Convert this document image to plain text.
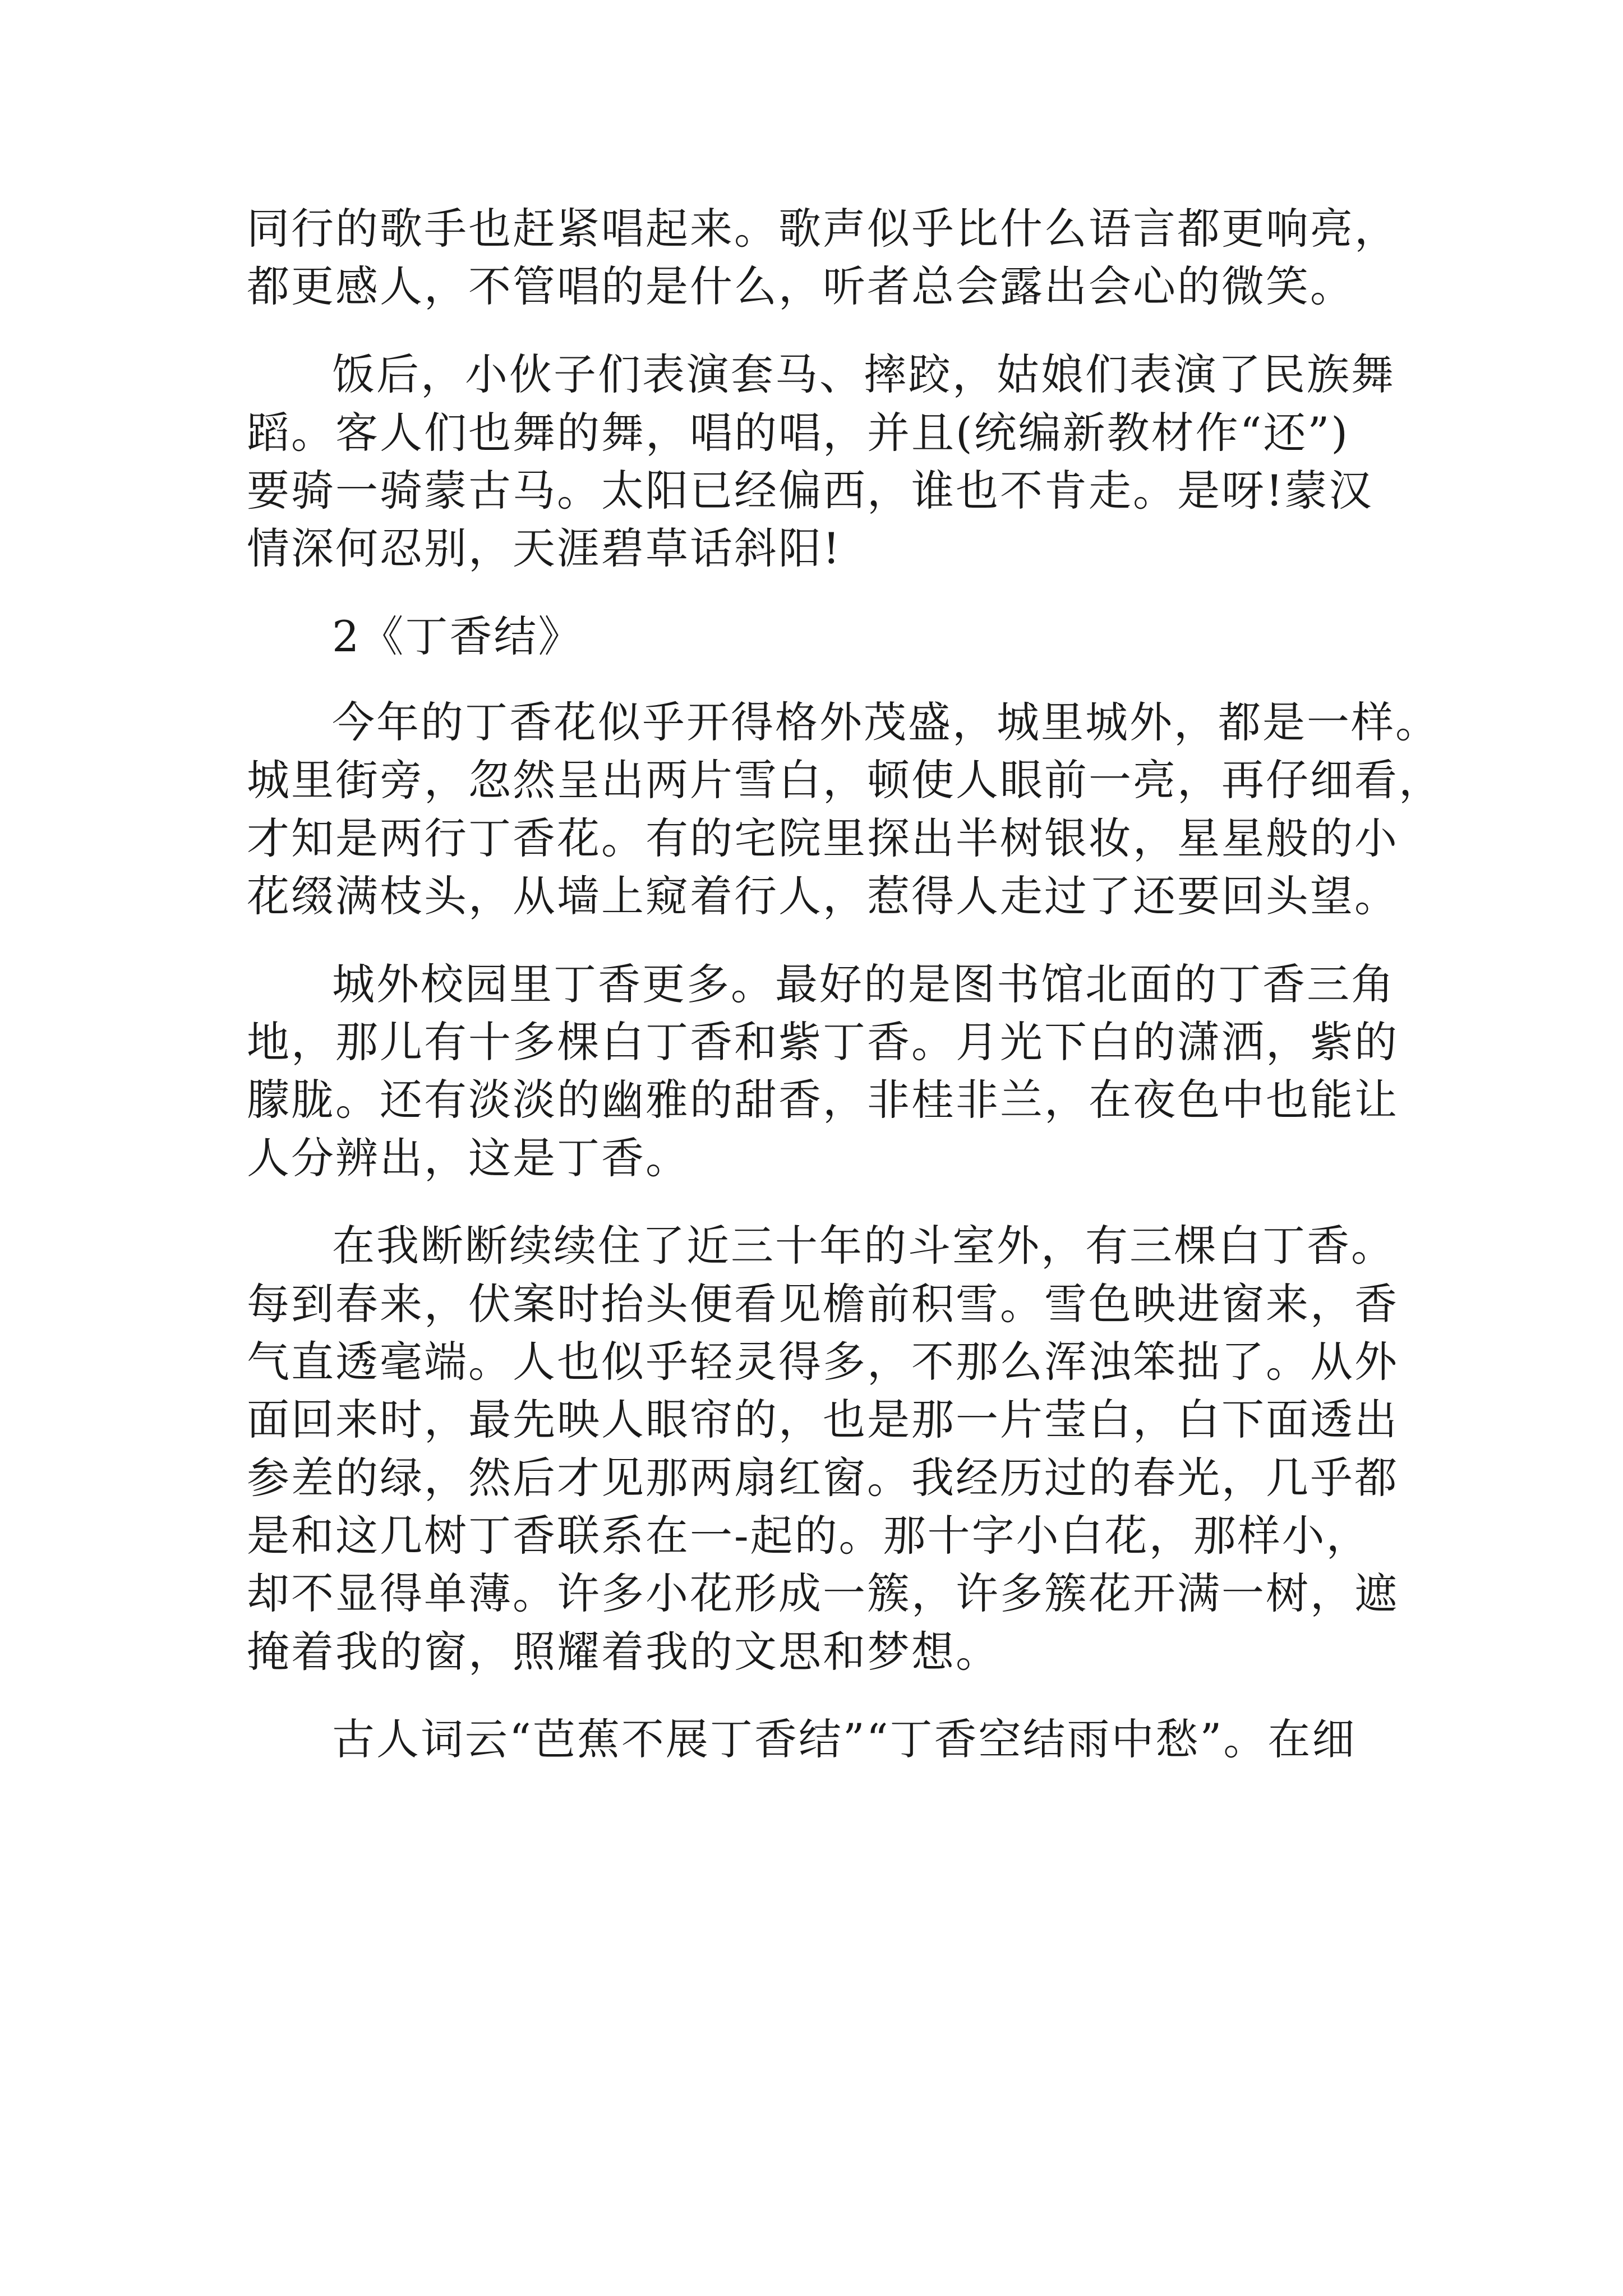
同行的歌手也赶紧唱起来。歌声似乎比什么语言都更响亮，
都更感人，不管唱的是什么，听者总会露出会心的微笑。
饭后，小伙子们表演套马、摔跤，姑娘们表演了民族舞
蹈。客人们也舞的舞，唱的唱，并且(统编新教材作“还”)
要骑一骑蒙古马。太阳已经偏西，谁也不肯走。是呀!蒙汉
情深何忍别，天涯碧草话斜阳!
2《丁香结》
今年的丁香花似乎开得格外茂盛，城里城外，都是一样。
城里街旁，忽然呈出两片雪白，顿使人眼前一亮，再仔细看，
才知是两行丁香花。有的宅院里探出半树银妆，星星般的小
花缀满枝头，从墙上窥着行人，惹得人走过了还要回头望。
城外校园里丁香更多。最好的是图书馆北面的丁香三角
地，那儿有十多棵白丁香和紫丁香。月光下白的潇洒，紫的
朦胧。还有淡淡的幽雅的甜香，非桂非兰，在夜色中也能让
人分辨出，这是丁香。
在我断断续续住了近三十年的斗室外，有三棵白丁香。
每到春来，伏案时抬头便看见檐前积雪。雪色映进窗来，香
气直透毫端。人也似乎轻灵得多，不那么浑浊笨拙了。从外
面回来时，最先映人眼帘的，也是那一片莹白，白下面透出
参差的绿，然后才见那两扇红窗。我经历过的春光，几乎都
是和这几树丁香联系在一-起的。那十字小白花，那样小，
却不显得单薄。许多小花形成一簇，许多簇花开满一树，遮
掩着我的窗，照耀着我的文思和梦想。
古人词云“芭蕉不展丁香结”“丁香空结雨中愁”。在细
